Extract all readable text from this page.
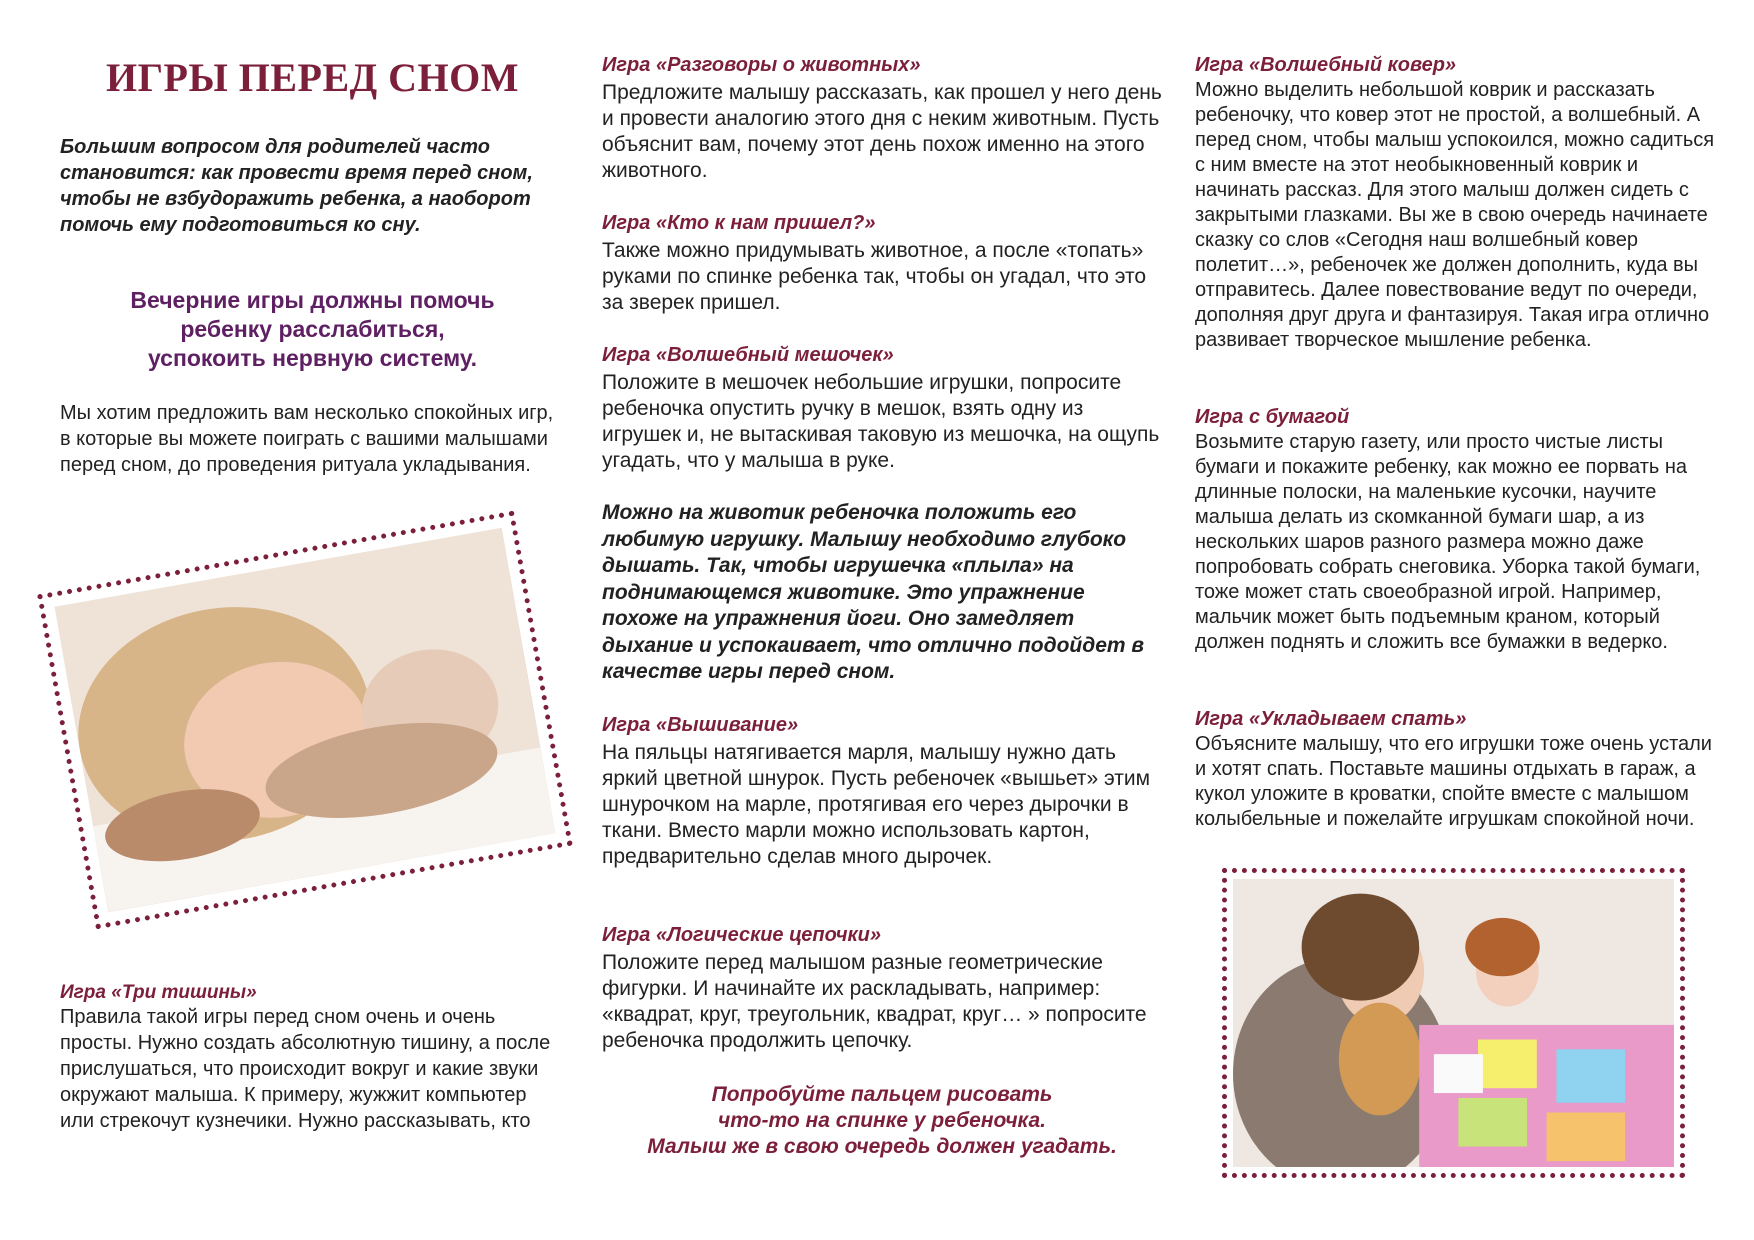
ИГРЫ ПЕРЕД СНОМ
Большим вопросом для родителей часто становится: как провести время перед сном, чтобы не взбудоражить ребенка, а наоборот помочь ему подготовиться ко сну.
Вечерние игры должны помочь
ребенку расслабиться,
успокоить нервную систему.
Мы хотим предложить вам несколько спокойных игр, в которые вы можете поиграть с вашими малышами перед сном, до проведения ритуала укладывания.
Игра «Три тишины»
Правила такой игры перед сном очень и очень просты. Нужно создать абсолютную тишину, а после прислушаться, что происходит вокруг и какие звуки окружают малыша. К примеру, жужжит компьютер или стрекочут кузнечики. Нужно рассказывать, кто
Игра «Разговоры о животных»
Предложите малышу рассказать, как прошел у него день и провести аналогию этого дня с неким животным. Пусть объяснит вам, почему этот день похож именно на этого животного.
Игра «Кто к нам пришел?»
Также можно придумывать животное, а после «топать» руками по спинке ребенка так, чтобы он угадал, что это за зверек пришел.
Игра «Волшебный мешочек»
Положите в мешочек небольшие игрушки, попросите ребеночка опустить ручку в мешок, взять одну из игрушек и, не вытаскивая таковую из мешочка, на ощупь угадать, что у малыша в руке.
Можно на животик ребеночка положить его любимую игрушку. Малышу необходимо глубоко дышать. Так, чтобы игрушечка «плыла» на поднимающемся животике. Это упражнение похоже на упражнения йоги. Оно замедляет дыхание и успокаивает, что отлично подойдет в качестве игры перед сном.
Игра «Вышивание»
На пяльцы натягивается марля, малышу нужно дать яркий цветной шнурок. Пусть ребеночек «вышьет» этим шнурочком на марле, протягивая его через дырочки в ткани. Вместо марли можно использовать картон, предварительно сделав много дырочек.
Игра «Логические цепочки»
Положите перед малышом разные геометрические фигурки. И начинайте их раскладывать, например: «квадрат, круг, треугольник, квадрат, круг… » попросите ребеночка продолжить цепочку.
Попробуйте пальцем рисовать
что-то на спинке у ребеночка.
Малыш же в свою очередь должен угадать.
Игра «Волшебный ковер»
Можно выделить небольшой коврик и рассказать ребеночку, что ковер этот не простой, а волшебный. А перед сном, чтобы малыш успокоился, можно садиться с ним вместе на этот необыкновенный коврик и начинать рассказ. Для этого малыш должен сидеть с закрытыми глазками. Вы же в свою очередь начинаете сказку со слов «Сегодня наш волшебный ковер полетит…», ребеночек же должен дополнить, куда вы отправитесь. Далее повествование ведут по очереди, дополняя друг друга и фантазируя. Такая игра отлично развивает творческое мышление ребенка.
Игра с бумагой
Возьмите старую газету, или просто чистые листы бумаги и покажите ребенку, как можно ее порвать на длинные полоски, на маленькие кусочки, научите малыша делать из скомканной бумаги шар, а из нескольких шаров разного размера можно даже попробовать собрать снеговика. Уборка такой бумаги, тоже может стать своеобразной игрой. Например, мальчик может быть подъемным краном, который должен поднять и сложить все бумажки в ведерко.
Игра «Укладываем спать»
Объясните малышу, что его игрушки тоже очень устали и хотят спать. Поставьте машины отдыхать в гараж, а кукол уложите в кроватки, спойте вместе с малышом колыбельные и пожелайте игрушкам спокойной ночи.
